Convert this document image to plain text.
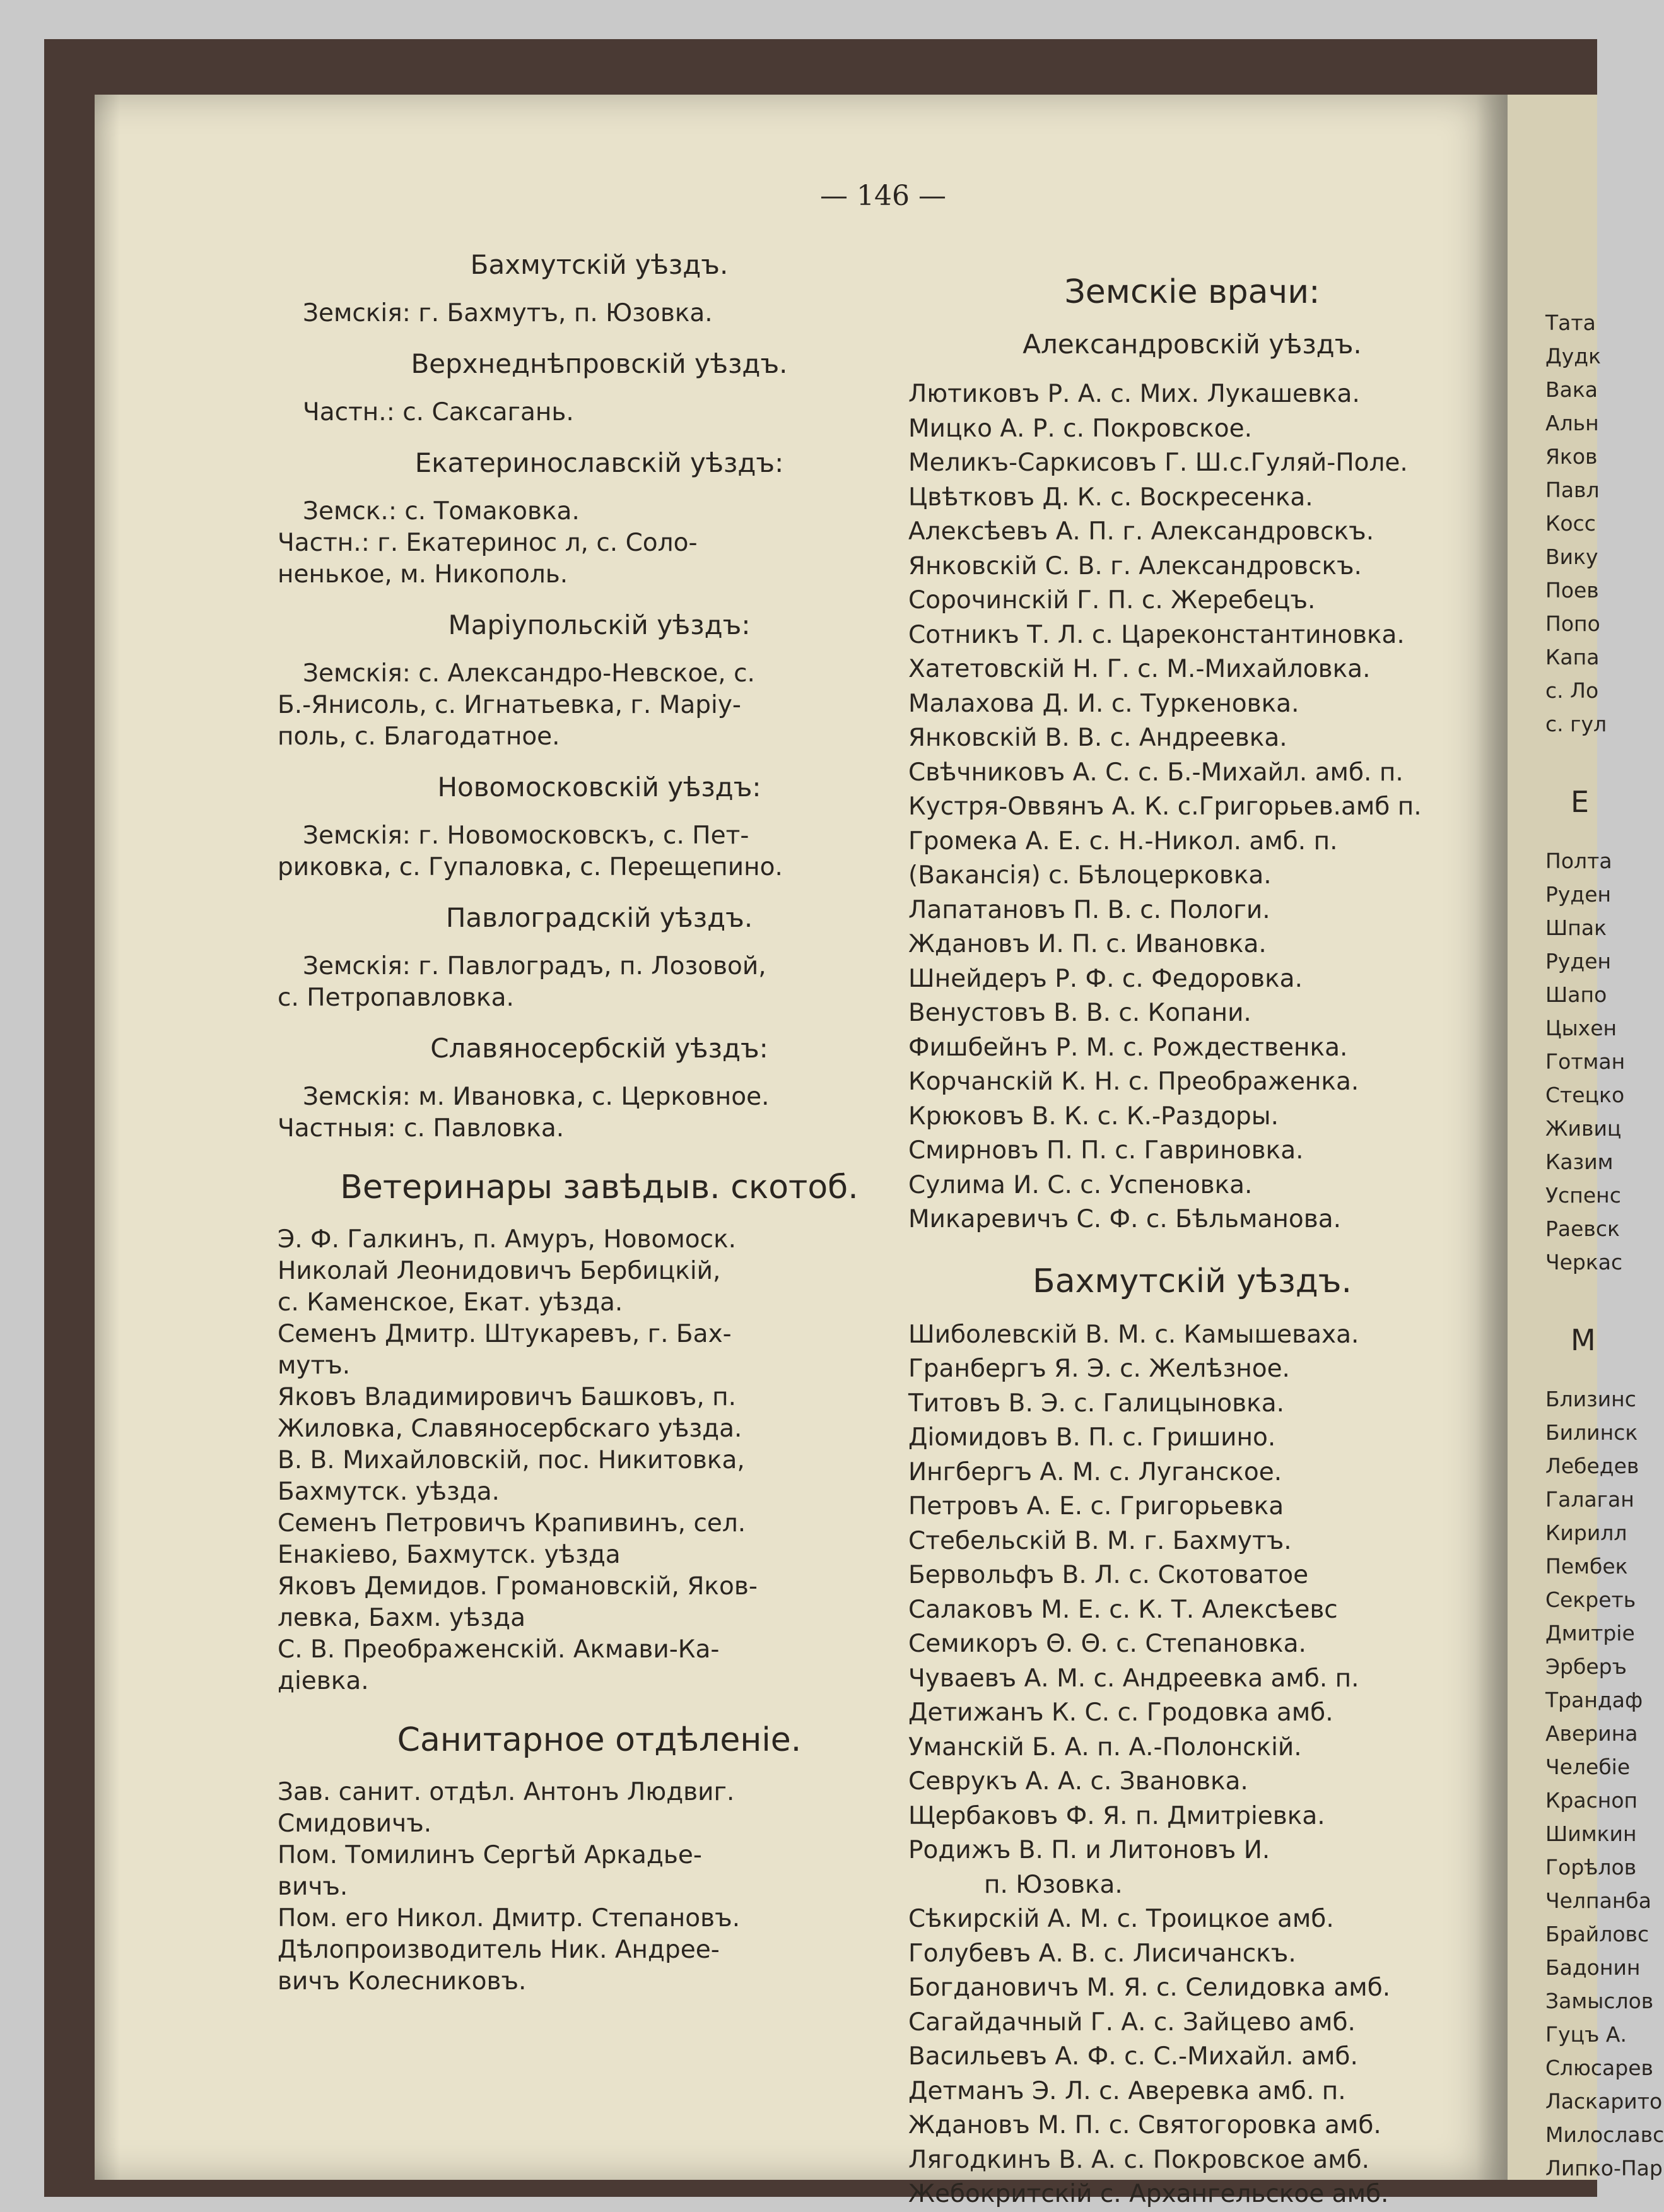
— 146 —
Бахмутскiй уѣздъ.
Земскiя: г. Бахмутъ, п. Юзовка.
Верхнеднѣпровскiй уѣздъ.
Частн.: с. Саксагань.
Екатеринославскiй уѣздъ:
Земск.: с. Томаковка.
Частн.: г. Екатеринос л, с. Соло-
ненькое, м. Никополь.
Марiупольскiй уѣздъ:
Земскiя: с. Александро-Невское, с.
Б.-Янисоль, с. Игнатьевка, г. Марiу-
поль, с. Благодатное.
Новомосковскiй уѣздъ:
Земскiя: г. Новомосковскъ, с. Пет-
риковка, с. Гупаловка, с. Перещепино.
Павлоградскiй уѣздъ.
Земскiя: г. Павлоградъ, п. Лозовой,
с. Петропавловка.
Славяносербскiй уѣздъ:
Земскiя: м. Ивановка, с. Церковное.
Частныя: с. Павловка.
Ветеринары завѣдыв. скотоб.
Э. Ф. Галкинъ, п. Амуръ, Новомоск.
Николай Леонидовичъ Бербицкiй,
с. Каменское, Екат. уѣзда.
Семенъ Дмитр. Штукаревъ, г. Бах-
мутъ.
Яковъ Владимировичъ Башковъ, п.
Жиловка, Славяносербскаго уѣзда.
В. В. Михайловскiй, пос. Никитовка,
Бахмутск. уѣзда.
Семенъ Петровичъ Крапивинъ, сел.
Енакiево, Бахмутск. уѣзда
Яковъ Демидов. Громановскiй, Яков-
левка, Бахм. уѣзда
С. В. Преображенскiй. Акмави-Ка-
дiевка.
Санитарное отдѣленiе.
Зав. санит. отдѣл. Антонъ Людвиг.
Смидовичъ.
Пом. Томилинъ Сергѣй Аркадье-
вичъ.
Пом. его Никол. Дмитр. Степановъ.
Дѣлопроизводитель Ник. Андрее-
вичъ Колесниковъ.
Земскiе врачи:
Александровскiй уѣздъ.
Лютиковъ Р. А. с. Мих. Лукашевка.
Мицко А. Р. с. Покровское.
Меликъ-Саркисовъ Г. Ш.с.Гуляй-Поле.
Цвѣтковъ Д. К. с. Воскресенка.
Алексѣевъ А. П. г. Александровскъ.
Янковскiй С. В. г. Александровскъ.
Сорочинскiй Г. П. с. Жеребецъ.
Сотникъ Т. Л. с. Цареконстантиновка.
Хатетовскiй Н. Г. с. М.-Михайловка.
Малахова Д. И. с. Туркеновка.
Янковскiй В. В. с. Андреевка.
Свѣчниковъ А. С. с. Б.-Михайл. амб. п.
Кустря-Оввянъ А. К. с.Григорьев.амб п.
Громека А. Е. с. Н.-Никол. амб. п.
(Вакансiя) с. Бѣлоцерковка.
Лапатановъ П. В. с. Пологи.
Ждановъ И. П. с. Ивановка.
Шнейдеръ Р. Ф. с. Федоровка.
Венустовъ В. В. с. Копани.
Фишбейнъ Р. М. с. Рождественка.
Корчанскiй К. Н. с. Преображенка.
Крюковъ В. К. с. К.-Раздоры.
Смирновъ П. П. с. Гавриновка.
Сулима И. С. с. Успеновка.
Микаревичъ С. Ф. с. Бѣльманова.
Бахмутскiй уѣздъ.
Шиболевскiй В. М. с. Камышеваха.
Гранбергъ Я. Э. с. Желѣзное.
Титовъ В. Э. с. Галицыновка.
Дiомидовъ В. П. с. Гришино.
Ингбергъ А. М. с. Луганское.
Петровъ А. Е. с. Григорьевка
Стебельскiй В. М. г. Бахмутъ.
Бервольфъ В. Л. с. Скотоватое
Салаковъ М. Е. с. К. Т. Алексѣевс
Семикоръ Θ. Θ. с. Степановка.
Чуваевъ А. М. с. Андреевка амб. п.
Детижанъ К. С. с. Гродовка амб.
Уманскiй Б. А. п. А.-Полонскiй.
Севрукъ А. А. с. Звановка.
Щербаковъ Ф. Я. п. Дмитрiевка.
Родижъ В. П. и Литоновъ И.
п. Юзовка.
Сѣкирскiй А. М. с. Троицкое амб.
Голубевъ А. В. с. Лисичанскъ.
Богдановичъ М. Я. с. Селидовка амб.
Сагайдачный Г. А. с. Зайцево амб.
Васильевъ А. Ф. с. С.-Михайл. амб.
Детманъ Э. Л. с. Аверевка амб. п.
Ждановъ М. П. с. Святогоровка амб.
Лягодкинъ В. А. с. Покровское амб.
Жебокритскiй с. Архангельское амб.
Тата
Дудк
Вака
Альн
Яков
Павл
Косс
Вику
Поев
Попо
Капа
с. Ло
с. гул
Е
Полта
Руден
Шпак
Руден
Шапо
Цыхен
Готман
Стецко
Живиц
Казим
Успенс
Раевск
Черкас
М
Близинс
Билинск
Лебедев
Галаган
Кирилл
Пембек
Секреть
Дмитрiе
Эрберъ
Трандаф
Аверина
Челебiе
Красноп
Шимкин
Горѣлов
Челпанба
Брайловс
Бадонин
Замыслов
Гуцъ А.
Слюсарев
Ласкарито
Милославс
Липко-Пар
